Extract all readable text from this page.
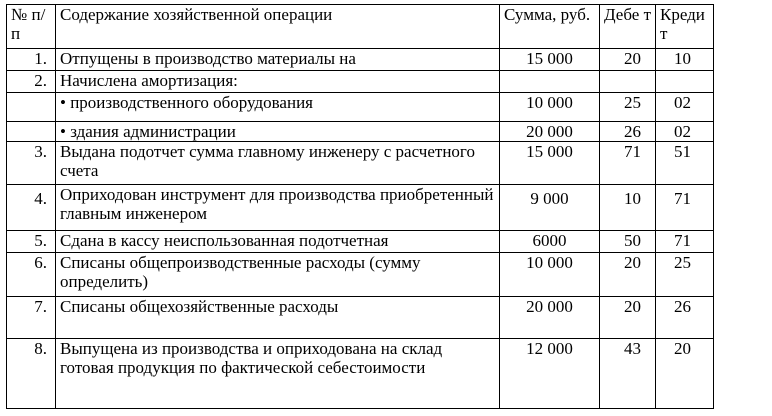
№ п/п	Содержание хозяйственной операции	Сумма, руб.	Дебе т	Креди т
1.	Отпущены в производство материалы на	15 000	20	10
2.	Начислена амортизация:			
	• производственного оборудования	10 000	25	02
	• здания администрации	20 000	26	02
3.	Выдана подотчет сумма главному инженеру с расчетного счета	15 000	71	51
4.	Оприходован инструмент для производства приобретенный главным инженером	9 000	10	71
5.	Сдана в кассу неиспользованная подотчетная	6000	50	71
6.	Списаны общепроизводственные расходы (сумму определить)	10 000	20	25
7.	Списаны общехозяйственные расходы	20 000	20	26
8.	Выпущена из производства и оприходована на склад готовая продукция по фактической себестоимости	12 000	43	20
